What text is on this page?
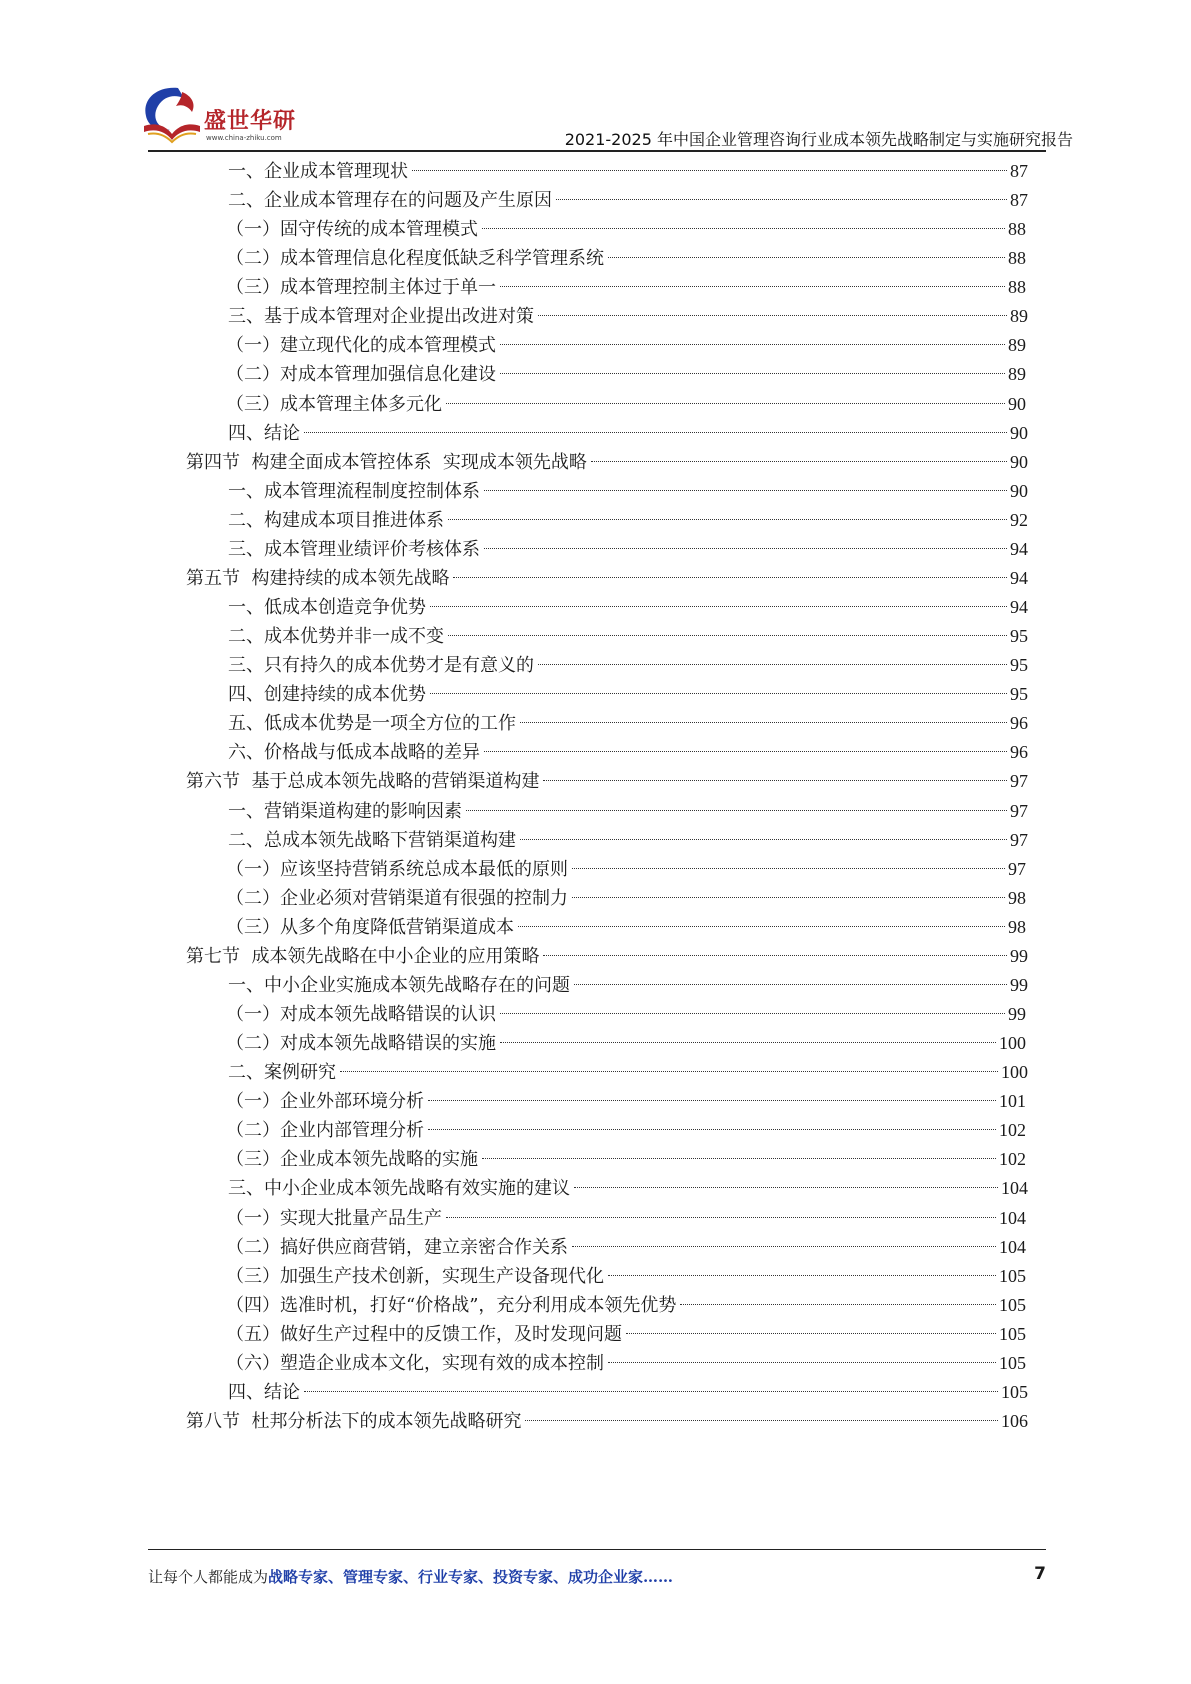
盛世华研
www.china-zhiku.com	2021-2025 年中国企业管理咨询行业成本领先战略制定与实施研究报告
一、企业成本管理现状	87
二、企业成本管理存在的问题及产生原因	87
（一）固守传统的成本管理模式	88
（二）成本管理信息化程度低缺乏科学管理系统	88
（三）成本管理控制主体过于单一	88
三、基于成本管理对企业提出改进对策	89
（一）建立现代化的成本管理模式	89
（二）对成本管理加强信息化建设	89
（三）成本管理主体多元化	90
四、结论	90
第四节  构建全面成本管控体系  实现成本领先战略	90
一、成本管理流程制度控制体系	90
二、构建成本项目推进体系	92
三、成本管理业绩评价考核体系	94
第五节  构建持续的成本领先战略	94
一、低成本创造竞争优势	94
二、成本优势并非一成不变	95
三、只有持久的成本优势才是有意义的	95
四、创建持续的成本优势	95
五、低成本优势是一项全方位的工作	96
六、价格战与低成本战略的差异	96
第六节  基于总成本领先战略的营销渠道构建	97
一、营销渠道构建的影响因素	97
二、总成本领先战略下营销渠道构建	97
（一）应该坚持营销系统总成本最低的原则	97
（二）企业必须对营销渠道有很强的控制力	98
（三）从多个角度降低营销渠道成本	98
第七节  成本领先战略在中小企业的应用策略	99
一、中小企业实施成本领先战略存在的问题	99
（一）对成本领先战略错误的认识	99
（二）对成本领先战略错误的实施	100
二、案例研究	100
（一）企业外部环境分析	101
（二）企业内部管理分析	102
（三）企业成本领先战略的实施	102
三、中小企业成本领先战略有效实施的建议	104
（一）实现大批量产品生产	104
（二）搞好供应商营销，建立亲密合作关系	104
（三）加强生产技术创新，实现生产设备现代化	105
（四）选准时机，打好“价格战”，充分利用成本领先优势	105
（五）做好生产过程中的反馈工作，及时发现问题	105
（六）塑造企业成本文化，实现有效的成本控制	105
四、结论	105
第八节  杜邦分析法下的成本领先战略研究	106
让每个人都能成为战略专家、管理专家、行业专家、投资专家、成功企业家……	7
